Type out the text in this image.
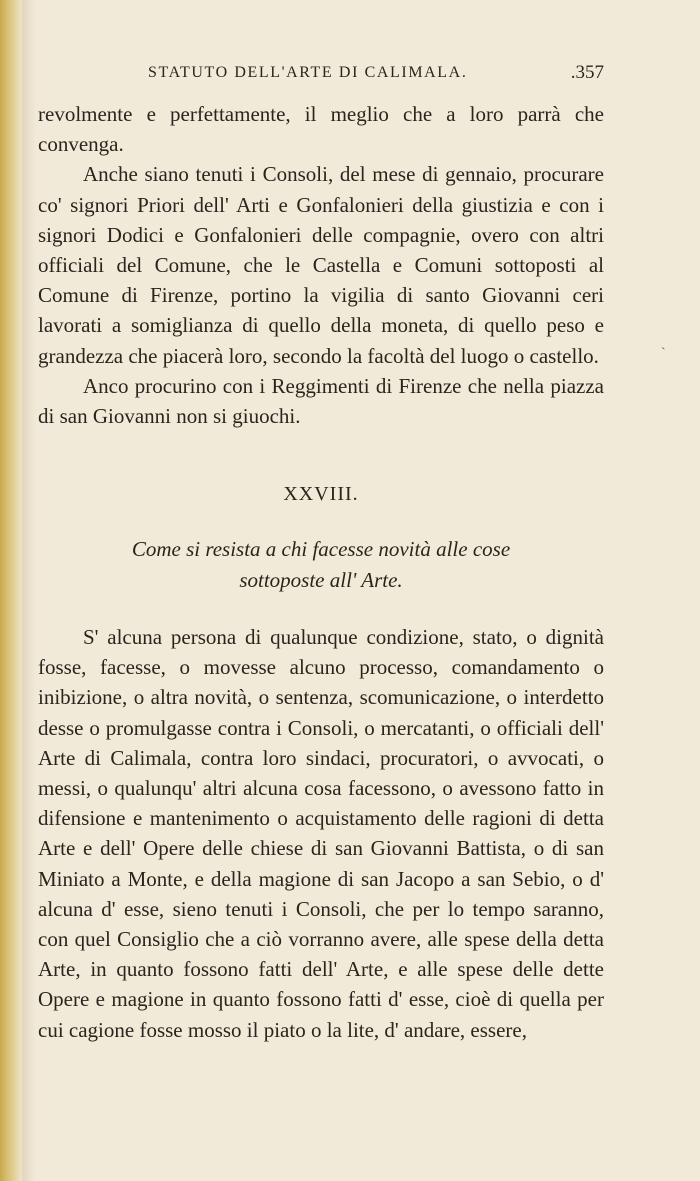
STATUTO DELL'ARTE DI CALIMALA.	.357

revolmente e perfettamente, il meglio che a loro parrà che convenga.

Anche siano tenuti i Consoli, del mese di gennaio, procurare co' signori Priori dell' Arti e Gonfalonieri della giustizia e con i signori Dodici e Gonfalonieri delle compagnie, overo con altri officiali del Comune, che le Castella e Comuni sottoposti al Comune di Firenze, portino la vigilia di santo Giovanni ceri lavorati a somiglianza di quello della moneta, di quello peso e grandezza che piacerà loro, secondo la facoltà del luogo o castello.

Anco procurino con i Reggimenti di Firenze che nella piazza di san Giovanni non si giuochi.

XXVIII.
Come si resista a chi facesse novità alle cose
sottoposte all' Arte.

S' alcuna persona di qualunque condizione, stato, o dignità fosse, facesse, o movesse alcuno processo, comandamento o inibizione, o altra novità, o sentenza, scomunicazione, o interdetto desse o promulgasse contra i Consoli, o mercatanti, o officiali dell' Arte di Calimala, contra loro sindaci, procuratori, o avvocati, o messi, o qualunqu' altri alcuna cosa facessono, o avessono fatto in difensione e mantenimento o acquistamento delle ragioni di detta Arte e dell' Opere delle chiese di san Giovanni Battista, o di san Miniato a Monte, e della magione di san Jacopo a san Sebio, o d' alcuna d' esse, sieno tenuti i Consoli, che per lo tempo saranno, con quel Consiglio che a ciò vorranno avere, alle spese della detta Arte, in quanto fossono fatti dell' Arte, e alle spese delle dette Opere e magione in quanto fossono fatti d' esse, cioè di quella per cui cagione fosse mosso il piato o la lite, d' andare, essere,

ˋ
